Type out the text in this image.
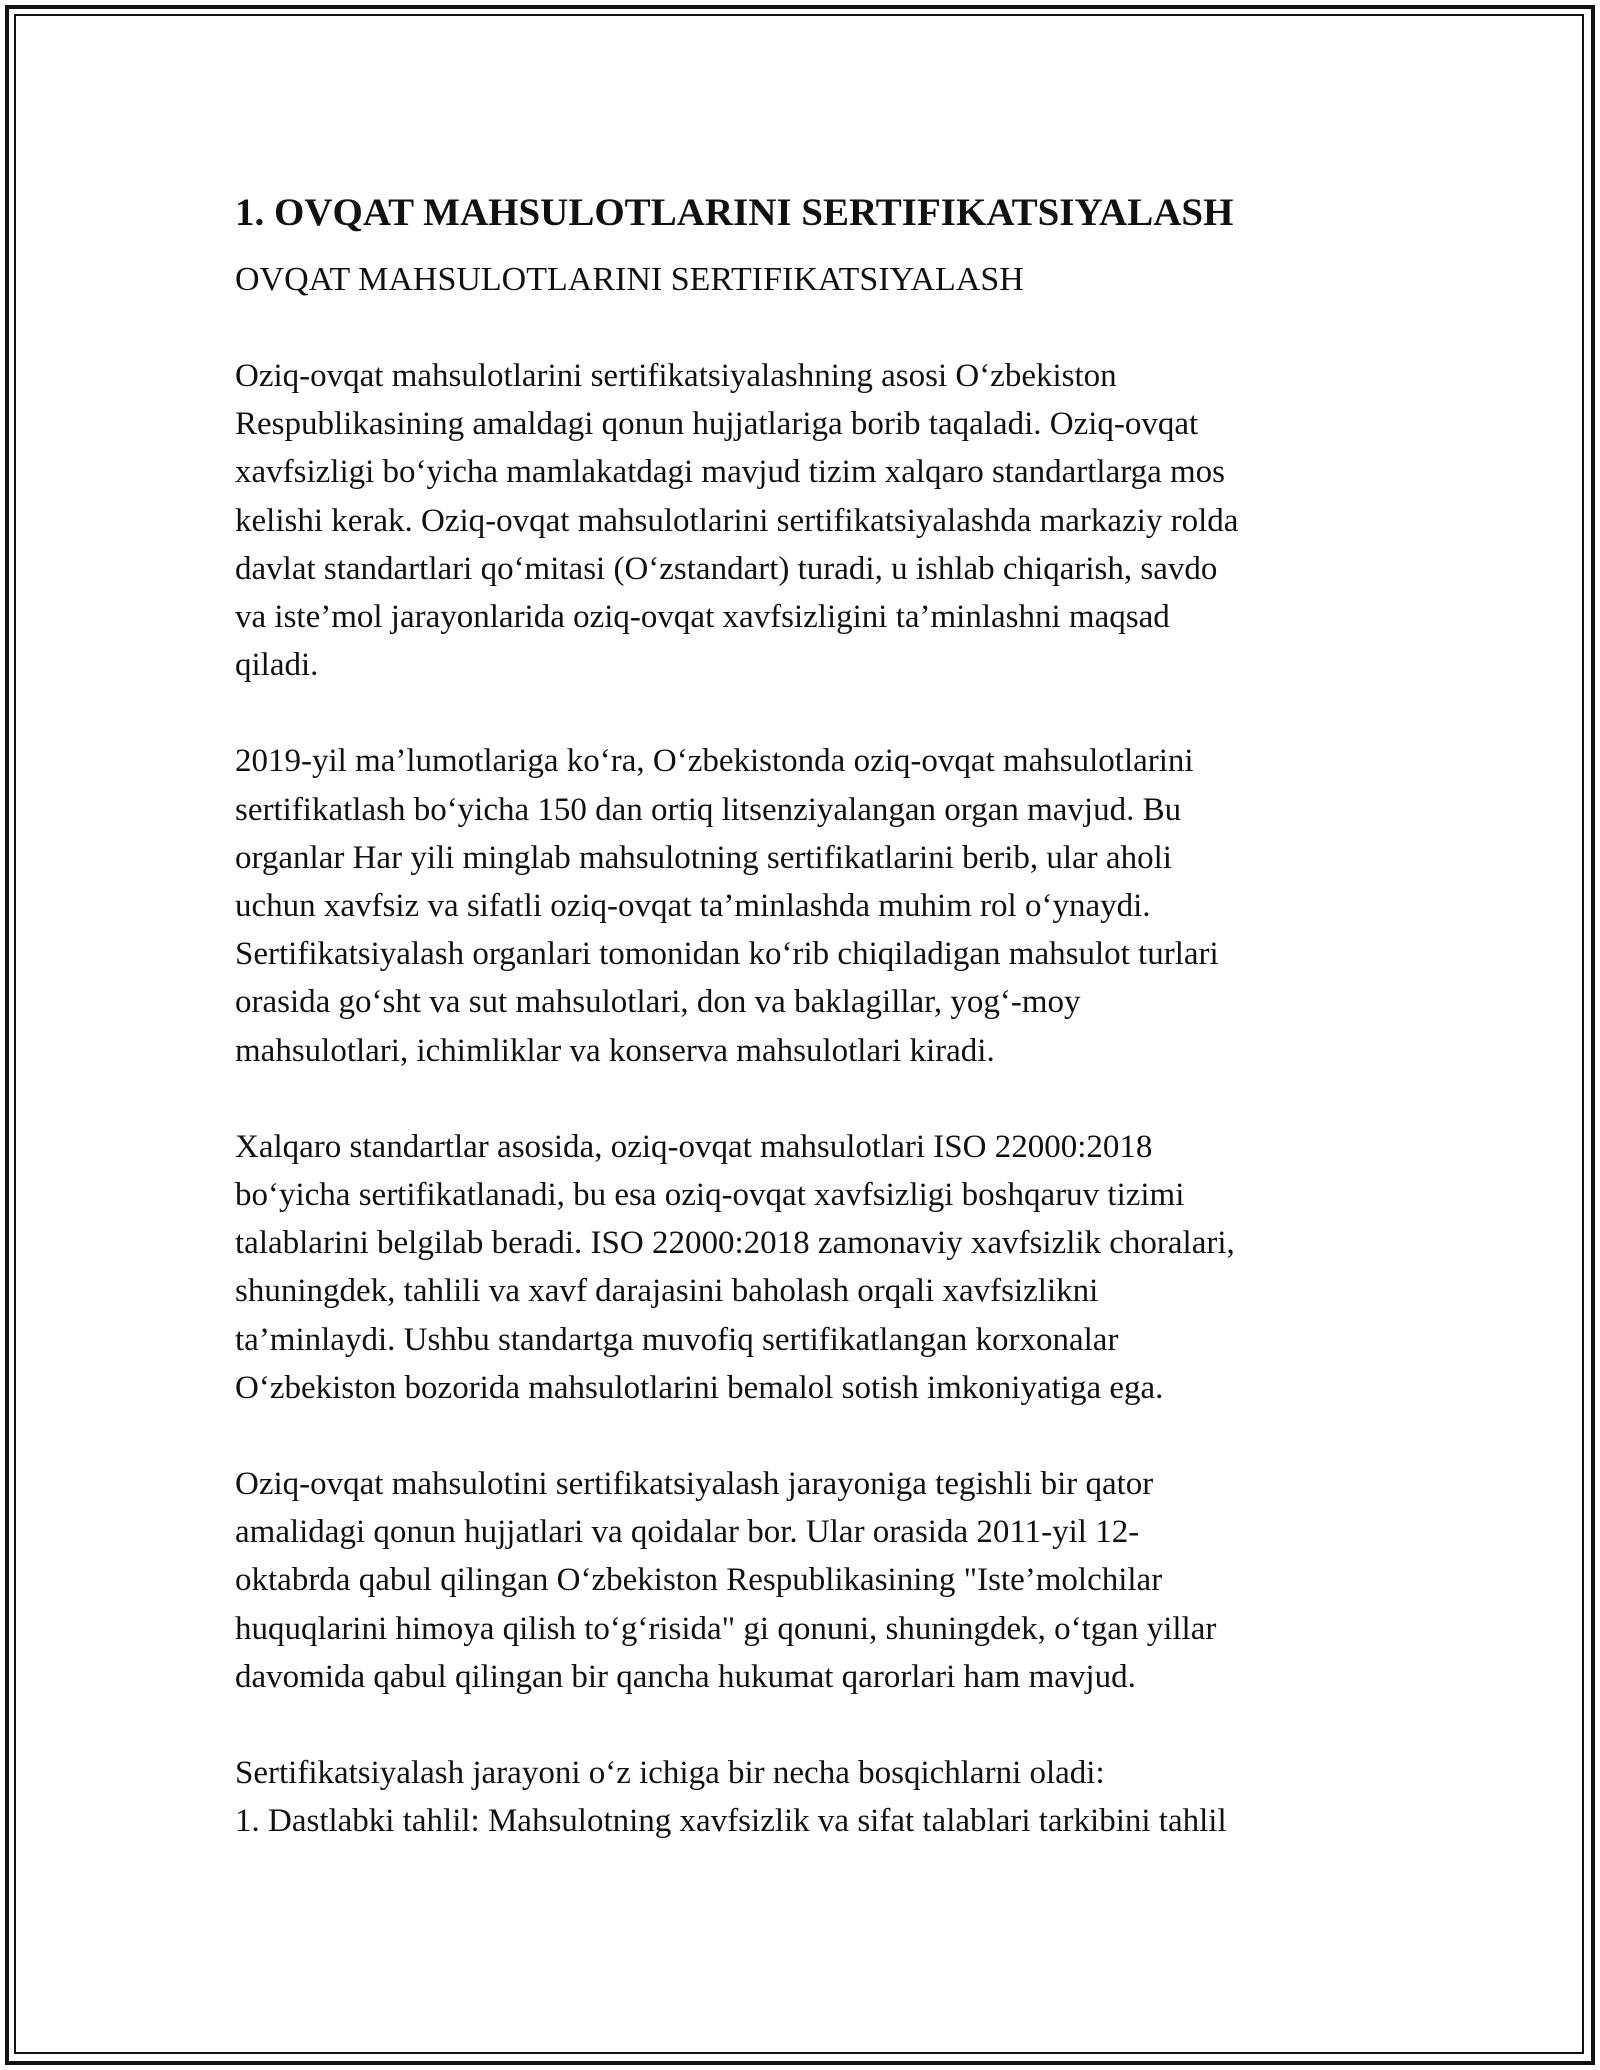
1. OVQAT MAHSULOTLARINI SERTIFIKATSIYALASH

OVQAT MAHSULOTLARINI SERTIFIKATSIYALASH

Oziq-ovqat mahsulotlarini sertifikatsiyalashning asosi O‘zbekiston
Respublikasining amaldagi qonun hujjatlariga borib taqaladi. Oziq-ovqat
xavfsizligi bo‘yicha mamlakatdagi mavjud tizim xalqaro standartlarga mos
kelishi kerak. Oziq-ovqat mahsulotlarini sertifikatsiyalashda markaziy rolda
davlat standartlari qo‘mitasi (O‘zstandart) turadi, u ishlab chiqarish, savdo
va iste’mol jarayonlarida oziq-ovqat xavfsizligini ta’minlashni maqsad
qiladi.

2019-yil ma’lumotlariga ko‘ra, O‘zbekistonda oziq-ovqat mahsulotlarini
sertifikatlash bo‘yicha 150 dan ortiq litsenziyalangan organ mavjud. Bu
organlar Har yili minglab mahsulotning sertifikatlarini berib, ular aholi
uchun xavfsiz va sifatli oziq-ovqat ta’minlashda muhim rol o‘ynaydi.
Sertifikatsiyalash organlari tomonidan ko‘rib chiqiladigan mahsulot turlari
orasida go‘sht va sut mahsulotlari, don va baklagillar, yog‘-moy
mahsulotlari, ichimliklar va konserva mahsulotlari kiradi.

Xalqaro standartlar asosida, oziq-ovqat mahsulotlari ISO 22000:2018
bo‘yicha sertifikatlanadi, bu esa oziq-ovqat xavfsizligi boshqaruv tizimi
talablarini belgilab beradi. ISO 22000:2018 zamonaviy xavfsizlik choralari,
shuningdek, tahlili va xavf darajasini baholash orqali xavfsizlikni
ta’minlaydi. Ushbu standartga muvofiq sertifikatlangan korxonalar
O‘zbekiston bozorida mahsulotlarini bemalol sotish imkoniyatiga ega.

Oziq-ovqat mahsulotini sertifikatsiyalash jarayoniga tegishli bir qator
amalidagi qonun hujjatlari va qoidalar bor. Ular orasida 2011-yil 12-
oktabrda qabul qilingan O‘zbekiston Respublikasining "Iste’molchilar
huquqlarini himoya qilish to‘g‘risida" gi qonuni, shuningdek, o‘tgan yillar
davomida qabul qilingan bir qancha hukumat qarorlari ham mavjud.

Sertifikatsiyalash jarayoni o‘z ichiga bir necha bosqichlarni oladi:
1. Dastlabki tahlil: Mahsulotning xavfsizlik va sifat talablari tarkibini tahlil
